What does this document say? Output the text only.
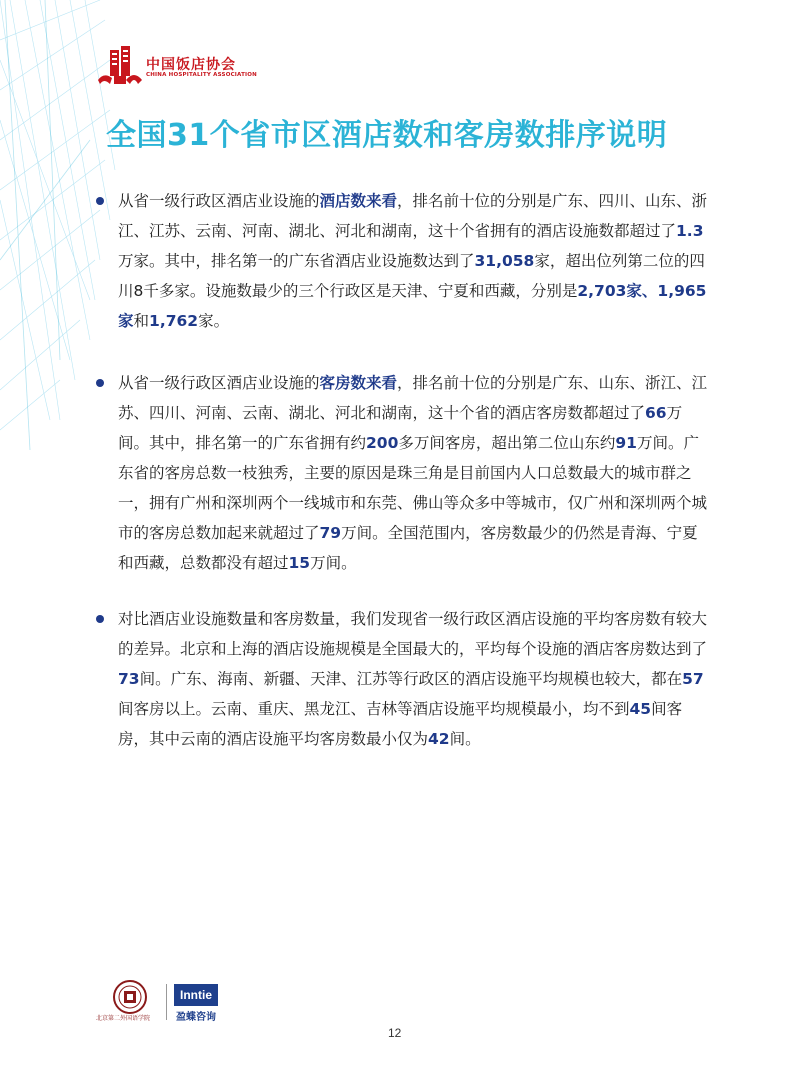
中国饭店协会
CHINA HOSPITALITY ASSOCIATION
全国31个省市区酒店数和客房数排序说明

从省一级行政区酒店业设施的酒店数来看，排名前十位的分别是广东、四川、山东、浙江、江苏、云南、河南、湖北、河北和湖南，这十个省拥有的酒店设施数都超过了1.3万家。其中，排名第一的广东省酒店业设施数达到了31,058家，超出位列第二位的四川8千多家。设施数最少的三个行政区是天津、宁夏和西藏，分别是2,703家、1,965家和1,762家。

从省一级行政区酒店业设施的客房数来看，排名前十位的分别是广东、山东、浙江、江苏、四川、河南、云南、湖北、河北和湖南，这十个省的酒店客房数都超过了66万间。其中，排名第一的广东省拥有约200多万间客房，超出第二位山东约91万间。广东省的客房总数一枝独秀，主要的原因是珠三角是目前国内人口总数最大的城市群之一，拥有广州和深圳两个一线城市和东莞、佛山等众多中等城市，仅广州和深圳两个城市的客房总数加起来就超过了79万间。全国范围内，客房数最少的仍然是青海、宁夏和西藏，总数都没有超过15万间。

对比酒店业设施数量和客房数量，我们发现省一级行政区酒店设施的平均客房数有较大的差异。北京和上海的酒店设施规模是全国最大的，平均每个设施的酒店客房数达到了73间。广东、海南、新疆、天津、江苏等行政区的酒店设施平均规模也较大，都在57间客房以上。云南、重庆、黑龙江、吉林等酒店设施平均规模最小，均不到45间客房，其中云南的酒店设施平均客房数最小仅为42间。

北京第二外国语学院
Inntie
盈蝶咨询
12
